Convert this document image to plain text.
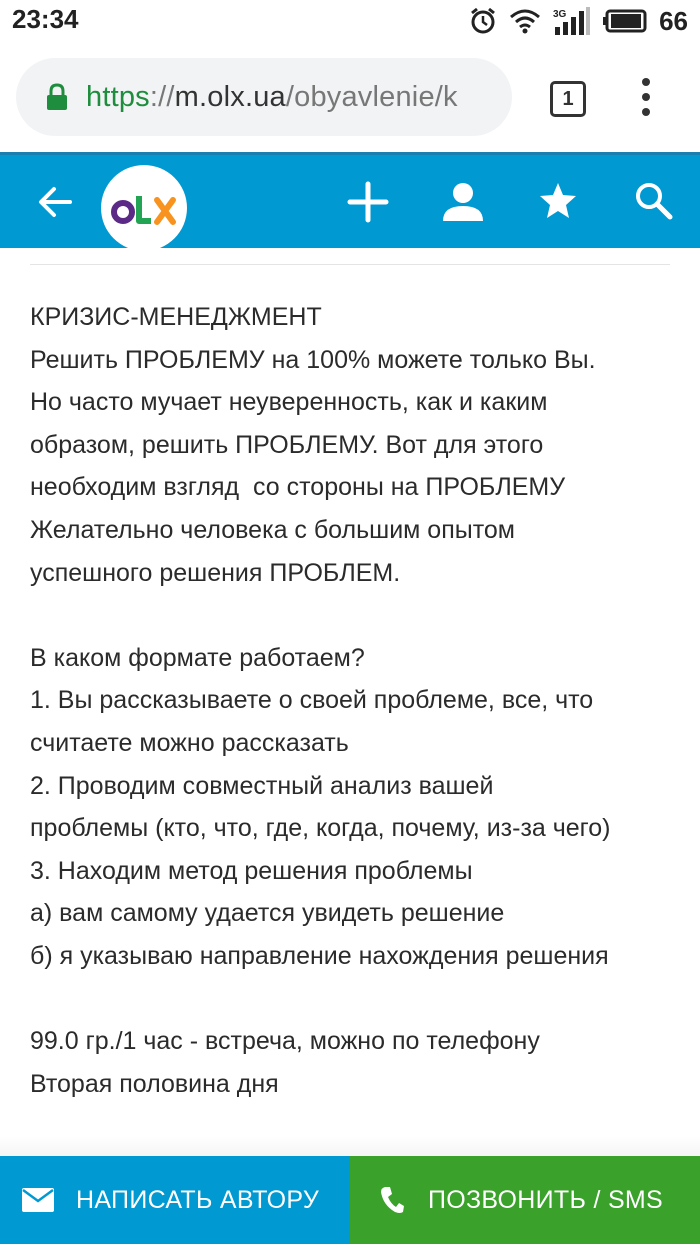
23:34	3G	66
https://m.olx.ua/obyavlenie/k	1
КРИЗИС-МЕНЕДЖМЕНТ
Решить ПРОБЛЕМУ на 100% можете только Вы.
Но часто мучает неуверенность, как и каким
образом, решить ПРОБЛЕМУ. Вот для этого
необходим взгляд  со стороны на ПРОБЛЕМУ
Желательно человека с большим опытом
успешного решения ПРОБЛЕМ.
В каком формате работаем?
1. Вы рассказываете о своей проблеме, все, что
считаете можно рассказать
2. Проводим совместный анализ вашей
проблемы (кто, что, где, когда, почему, из-за чего)
3. Находим метод решения проблемы
а) вам самому удается увидеть решение
б) я указываю направление нахождения решения
99.0 гр./1 час - встреча, можно по телефону
Вторая половина дня
НАПИСАТЬ АВТОРУ	ПОЗВОНИТЬ / SMS
